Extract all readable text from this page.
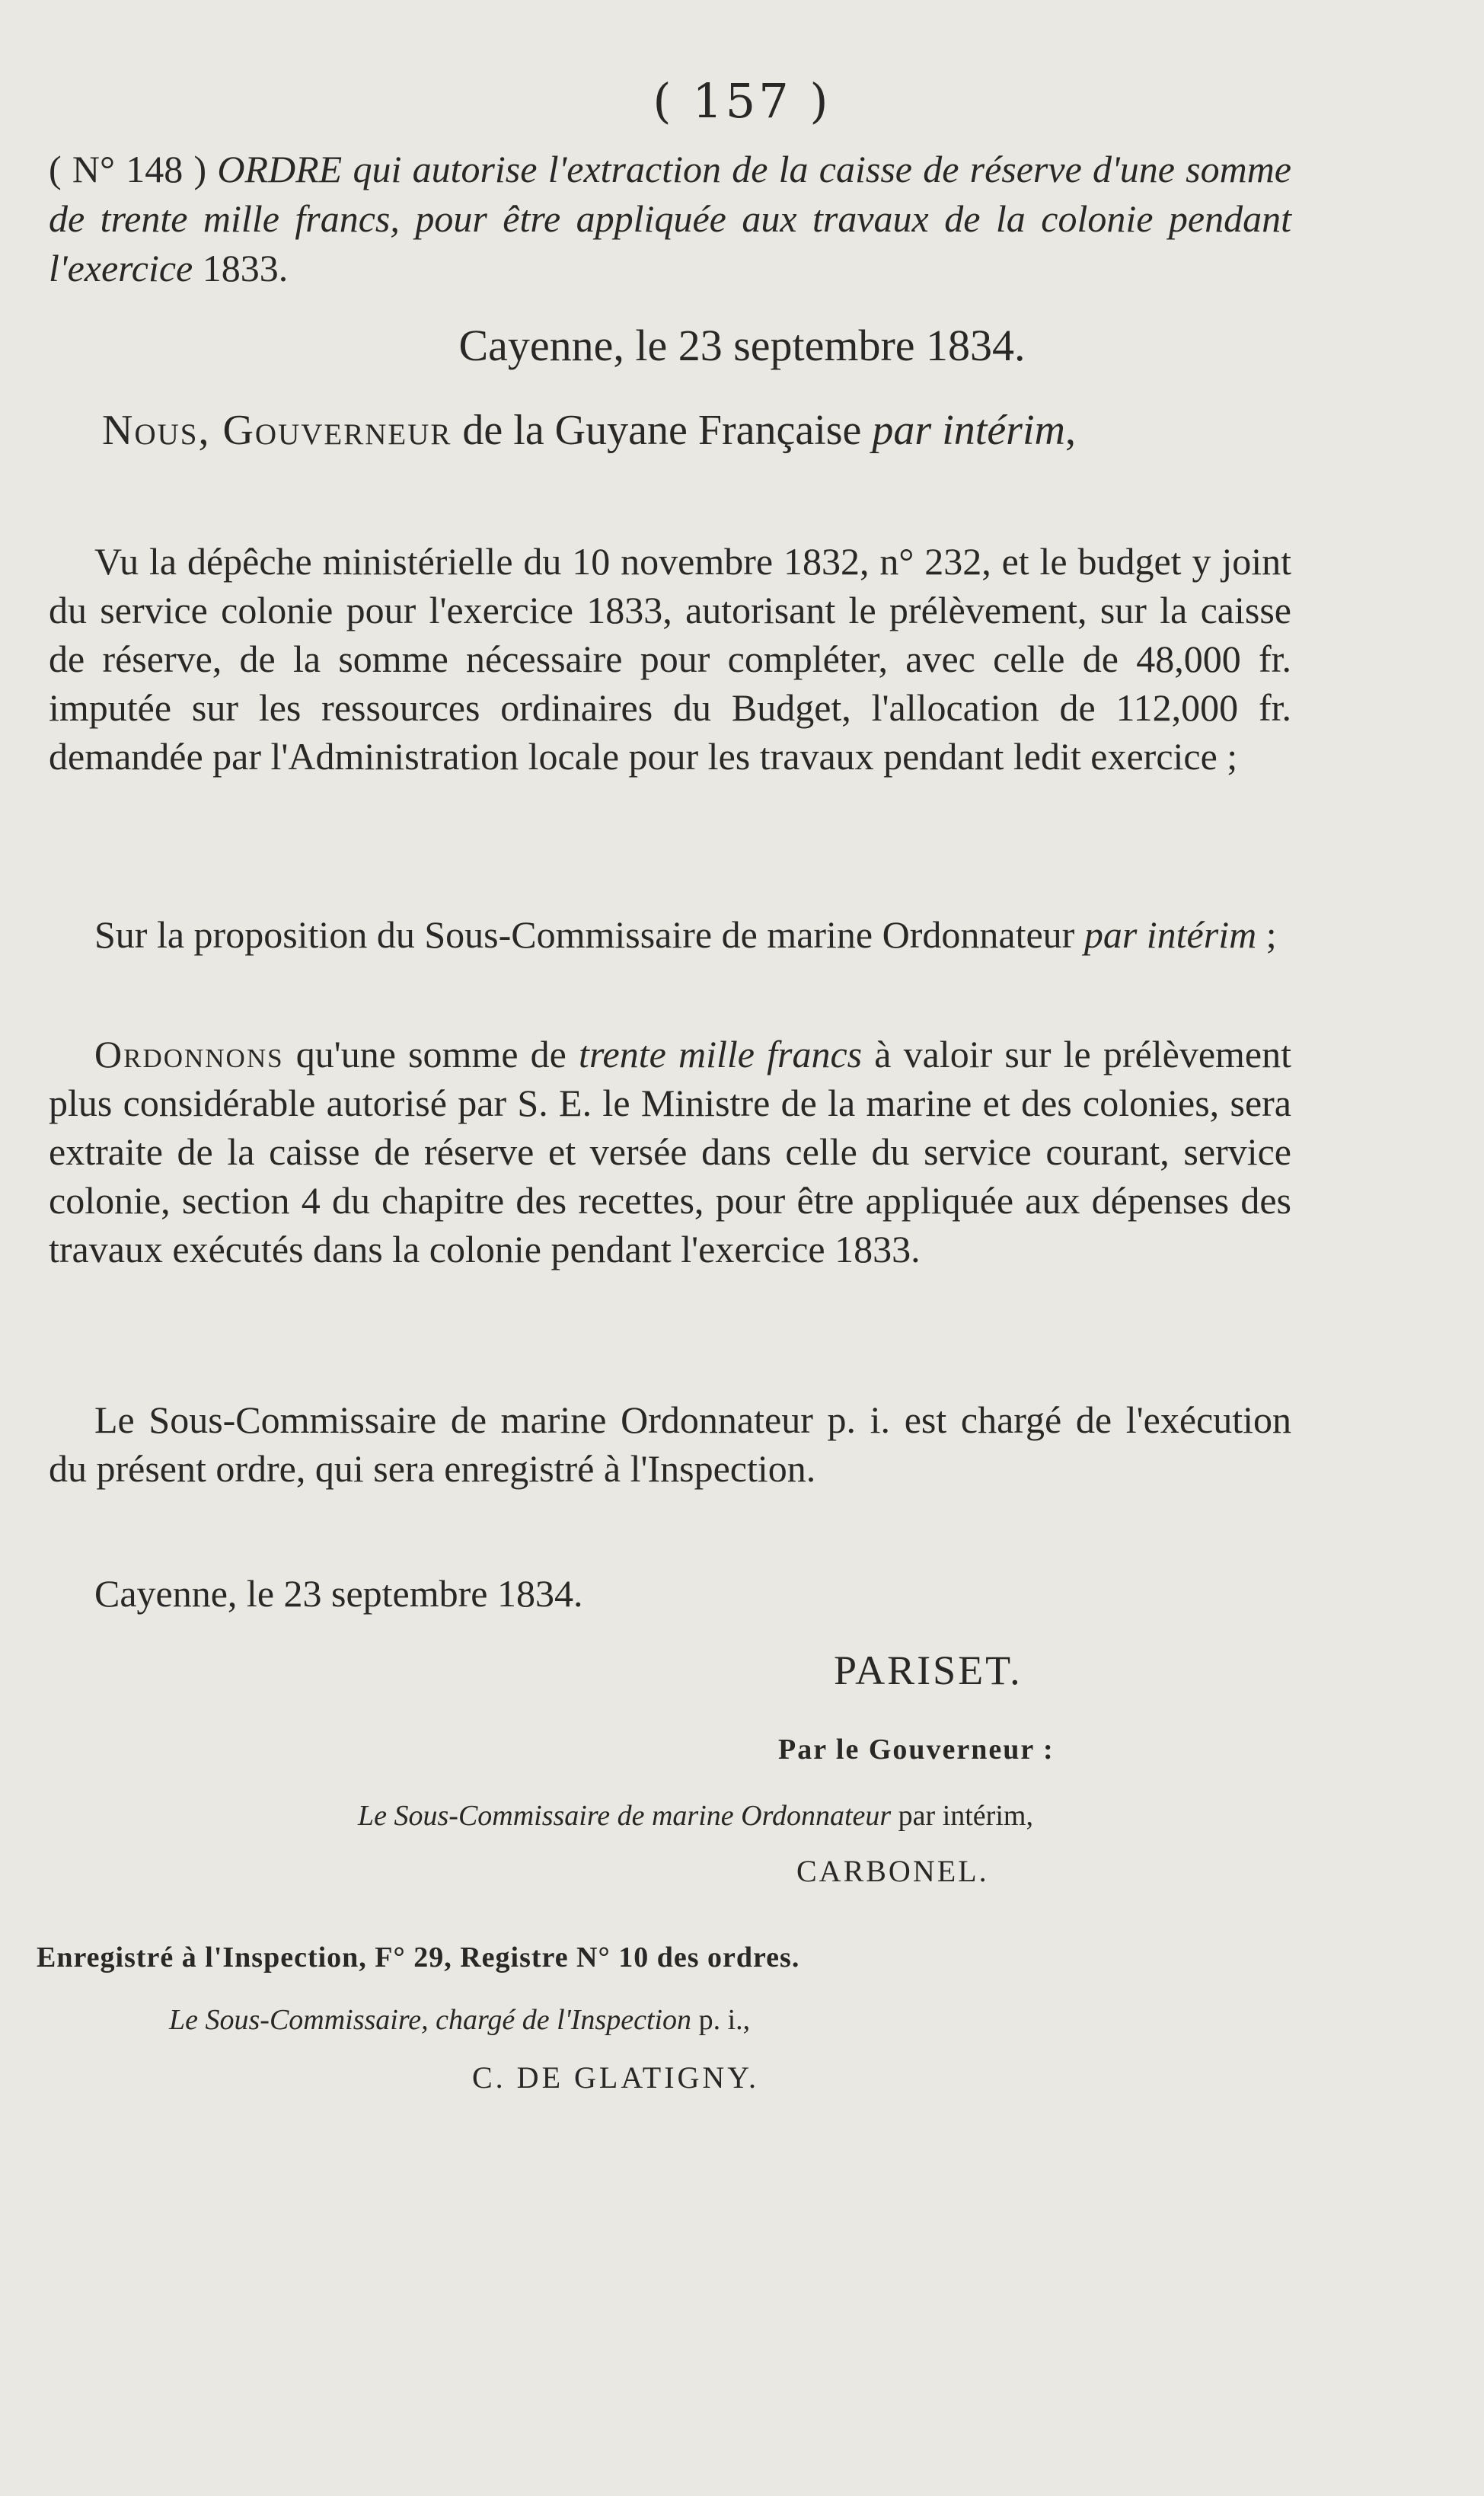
( 157 )
( N° 148 ) ORDRE qui autorise l'extraction de la caisse de réserve d'une somme de trente mille francs, pour être appliquée aux travaux de la colonie pendant l'exercice 1833.
Cayenne, le 23 septembre 1834.
Nous, Gouverneur de la Guyane Française par intérim,
Vu la dépêche ministérielle du 10 novembre 1832, n° 232, et le budget y joint du service colonie pour l'exercice 1833, autorisant le prélèvement, sur la caisse de réserve, de la somme nécessaire pour compléter, avec celle de 48,000 fr. imputée sur les ressources ordinaires du Budget, l'allocation de 112,000 fr. demandée par l'Administration locale pour les travaux pendant ledit exercice ;
Sur la proposition du Sous-Commissaire de marine Ordonnateur par intérim ;
Ordonnons qu'une somme de trente mille francs à valoir sur le prélèvement plus considérable autorisé par S. E. le Ministre de la marine et des colonies, sera extraite de la caisse de réserve et versée dans celle du service courant, service colonie, section 4 du chapitre des recettes, pour être appliquée aux dépenses des travaux exécutés dans la colonie pendant l'exercice 1833.
Le Sous-Commissaire de marine Ordonnateur p. i. est chargé de l'exécution du présent ordre, qui sera enregistré à l'Inspection.
Cayenne, le 23 septembre 1834.
PARISET.
Par le Gouverneur :
Le Sous-Commissaire de marine Ordonnateur par intérim,
CARBONEL.
Enregistré à l'Inspection, F° 29, Registre N° 10 des ordres.
Le Sous-Commissaire, chargé de l'Inspection p. i.,
C. DE GLATIGNY.
